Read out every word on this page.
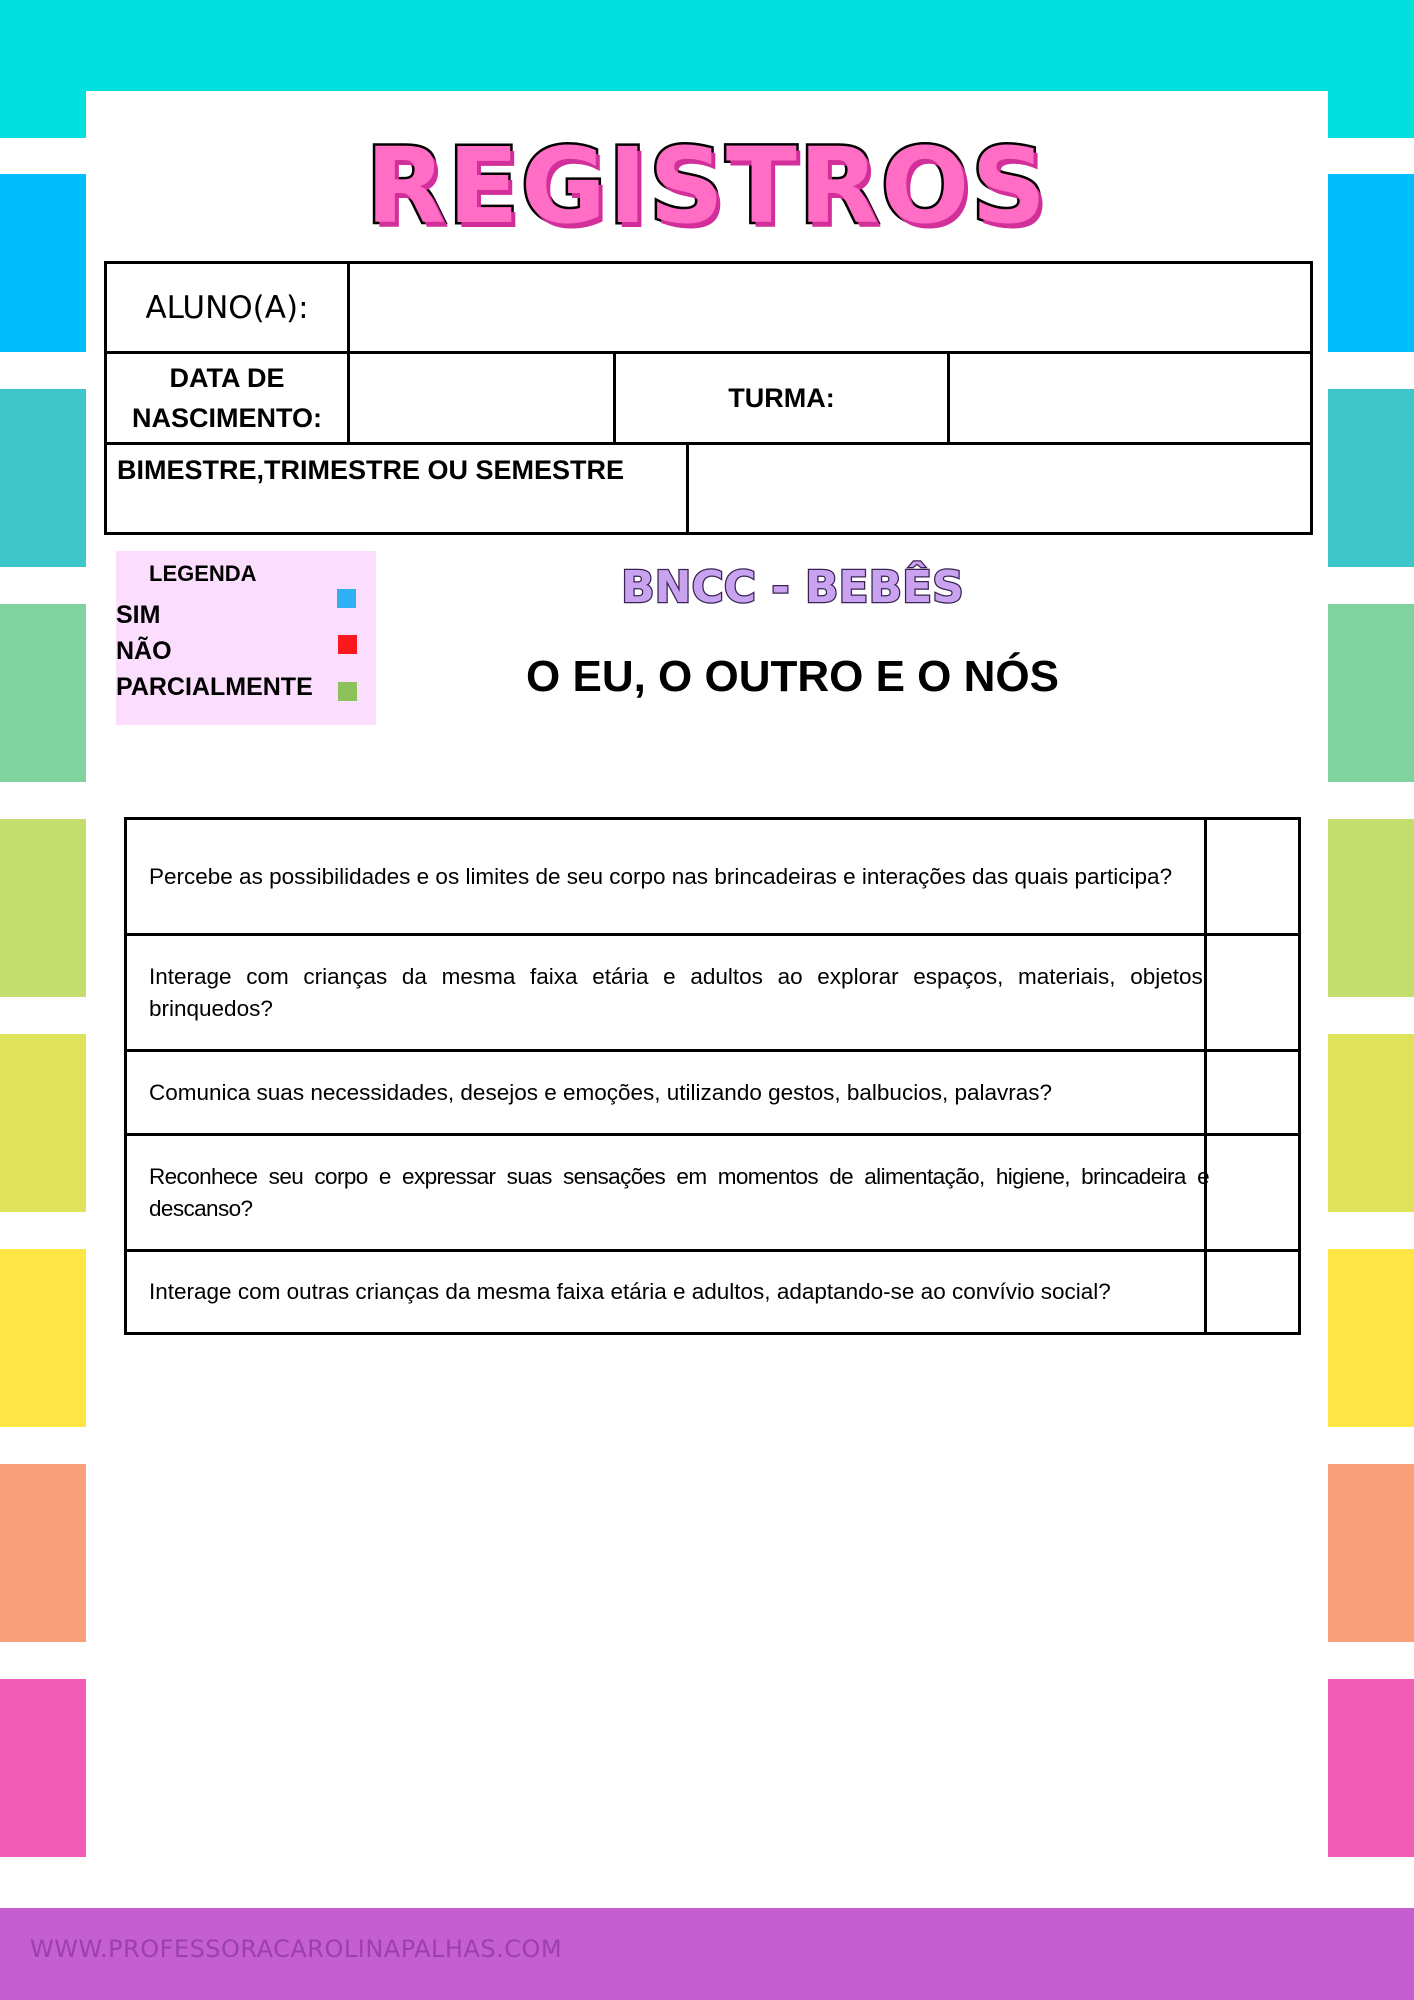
WWW.PROFESSORACAROLINAPALHAS.COM
REGISTROS
ALUNO(A):
DATA DE
NASCIMENTO:
TURMA:
BIMESTRE,TRIMESTRE OU SEMESTRE
LEGENDA
SIM
NÃO
PARCIALMENTE
BNCC - BEBÊS
O EU, O OUTRO E O NÓS
Percebe as possibilidades e os limites de seu corpo nas brincadeiras e interações das quais participa?
Interage com crianças da mesma faixa etária e adultos ao explorar espaços, materiais, objetos, brinquedos?
Comunica suas necessidades, desejos e emoções, utilizando gestos, balbucios, palavras?
Reconhece seu corpo e expressar suas sensações em momentos de alimentação, higiene, brincadeira e descanso?
Interage com outras crianças da mesma faixa etária e adultos, adaptando-se ao convívio social?
